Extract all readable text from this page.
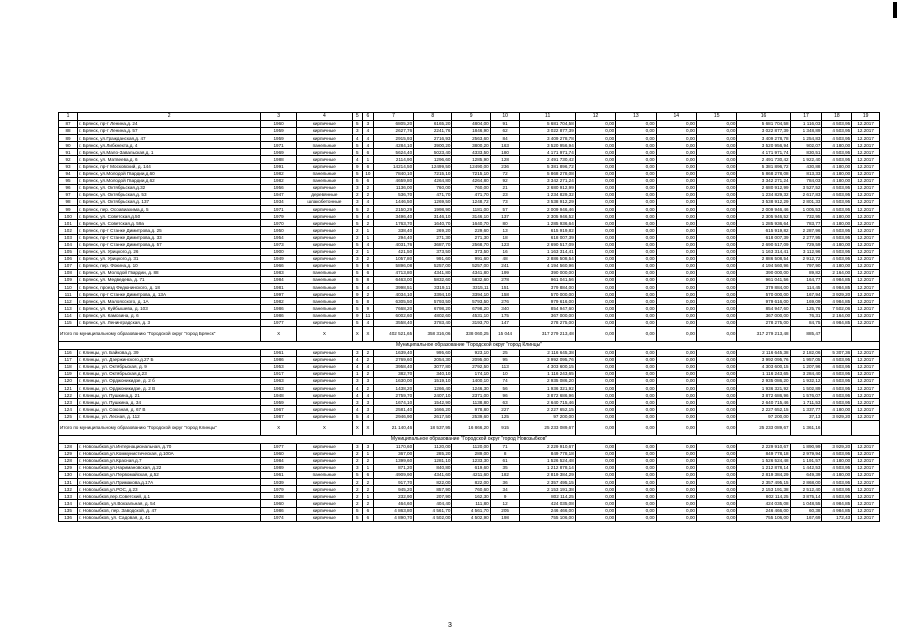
1	2	3	4	5	6	7	8	9	10	11	12	13	14	15	16	17	18	19
87	г. Брянск, пр-т Ленина,д. 24	1960	кирпичные	5	3	6805,20	6165,20	4804,00	91	5 681 704,58	0,00	0,00	0,00	0,00	5 681 704,58	1 116,03	4 503,95	12.2017
88	г. Брянск, пр-т Ленина,д. 57	1959	кирпичные	3	4	2627,76	2241,76	1846,90	62	3 022 877,39	0,00	0,00	0,00	0,00	3 022 877,39	1 348,89	4 503,95	12.2017
89	г. Брянск, ул.Гражданская,д. 47	1959	кирпичные	4	4	2915,93	2716,93	2563,60	84	3 409 278,78	0,00	0,00	0,00	0,00	3 409 278,78	1 254,83	4 503,95	12.2017
90	г. Брянск, ул.Либкнехта,д. 4	1971	панельные	5	4	4284,10	3900,20	3800,20	163	3 520 956,94	0,00	0,00	0,00	0,00	3 520 956,94	902,07	4 180,00	12.2017
91	г. Брянск, ул.Мало-Завальская,д. 1	1969	кирпичные	5	6	5624,40	5023,40	4333,50	180	4 171 971,74	0,00	0,00	0,00	0,00	4 171 971,74	830,51	4 503,95	12.2017
92	г. Брянск, ул. Матвеева,д. 6	1988	кирпичные	4	1	2114,90	1296,60	1285,90	128	2 491 730,42	0,00	0,00	0,00	0,00	2 491 730,42	1 922,40	4 503,95	12.2017
93	г. Брянск, пр-т Московский, д. 144	1991	кирпичные	9	6	14214,50	12499,50	12490,00	236	5 381 896,72	0,00	0,00	0,00	0,00	5 381 896,72	430,88	4 180,00	12.2017
94	г. Брянск, ул.Молодой Гвардии,д.60	1982	панельные	5	10	7840,10	7215,10	7215,10	72	5 868 278,08	0,00	0,00	0,00	0,00	5 868 278,08	813,33	4 180,00	12.2017
95	г. Брянск, ул.Молодой Гвардии,д.62	1982	панельные	5	6	4659,80	4264,80	4264,80	92	3 342 271,24	0,00	0,00	0,00	0,00	3 342 271,24	784,03	4 180,00	12.2017
96	г. Брянск, ул. Октябрьская,д.32	1956	кирпичные	3	2	1136,00	760,00	760,00	21	2 680 912,99	0,00	0,00	0,00	0,00	2 680 912,99	3 527,52	4 503,95	12.2017
97	г. Брянск, ул. Октябрьская,д. 53	1947	деревянные	2	2	536,70	471,70	471,70	23	1 234 829,32	0,00	0,00	0,00	0,00	1 234 829,32	2 617,83	4 503,95	12.2017
98	г. Брянск, ул. Октябрьская,д. 137	1934	шлакобетонные	3	4	1446,50	1269,50	1248,72	73	3 538 912,29	0,00	0,00	0,00	0,00	3 538 912,29	2 801,33	4 503,95	12.2017
99	г. Брянск, пер. Осоавиахима,д. 5	1971	кирпичные	5	2	2150,29	1998,90	1181,00	57	2 009 946,46	0,00	0,00	0,00	0,00	2 009 946,46	1 005,53	4 503,95	12.2017
100	г. Брянск, ул. Советская,д.50	1979	кирпичные	5	4	3496,40	3146,10	3146,10	137	2 305 946,52	0,00	0,00	0,00	0,00	2 305 946,52	732,95	4 180,00	12.2017
101	г. Брянск, ул. Советская,д. 59а	1970	кирпичные	5	2	1763,70	1640,70	1640,70	80	1 285 936,64	0,00	0,00	0,00	0,00	1 285 936,64	783,77	4 180,00	12.2017
102	г. Брянск, пр-т Станке Димитрова,д. 25	1950	кирпичные	2	1	338,40	269,20	229,60	13	615 919,82	0,00	0,00	0,00	0,00	615 919,82	2 287,96	4 503,95	12.2017
103	г. Брянск, пр-т Станке Димитрова,д. 33	1954	кирпичные	2	1	294,40	271,30	271,30	18	618 007,39	0,00	0,00	0,00	0,00	618 007,39	2 277,95	4 503,95	12.2017
104	г. Брянск, пр-т Станке Димитрова,д. 57	1973	кирпичные	5	4	4031,76	3687,70	2568,70	123	2 690 517,09	0,00	0,00	0,00	0,00	2 690 517,09	729,59	4 180,00	12.2017
105	г. Брянск, ул. Урицкого,д. 26	1900	кирпичные	2	1	421,50	373,50	373,50	16	1 163 314,41	0,00	0,00	0,00	0,00	1 163 314,41	3 112,96	4 503,95	12.2017
106	г. Брянск, ул. Урицкого,д. 31	1949	кирпичные	3	2	1057,80	991,60	991,60	48	2 886 508,54	0,00	0,00	0,00	0,00	2 886 508,54	2 912,72	4 503,95	12.2017
107	г. Брянск, пер. Фокина,д. 10	1966	кирпичные	5	6	5896,08	5257,00	5257,00	241	4 194 560,96	0,00	0,00	0,00	0,00	4 194 560,96	797,90	4 180,00	12.2017
108	г. Брянск, ул. Молодой Гвардии, д. 88	1983	панельные	5	6	4713,80	4341,80	4341,80	199	390 000,00	0,00	0,00	0,00	0,00	390 000,00	89,82	2 164,00	12.2017
109	г. Брянск, ул. Медведева, д. 71	1984	панельные	5	8	6463,00	5832,60	5832,60	278	961 041,56	0,00	0,00	0,00	0,00	961 041,56	164,77	4 984,85	12.2017
110	г. Брянск, проезд Федюнинского, д. 18	1981	панельные	5	4	3998,51	3319,11	3315,11	151	379 884,00	0,00	0,00	0,00	0,00	379 884,00	114,45	4 984,85	12.2017
111	г. Брянск, пр-т Станке Димитрова, д. 13А	1997	кирпичные	9	2	4034,10	3394,10	3394,10	158	570 000,00	0,00	0,00	0,00	0,00	570 000,00	167,94	3 929,20	12.2017
112	г. Брянск, ул. Малоясского, д. 1А	1982	панельные	5	8	6305,50	5793,50	5793,50	276	979 616,00	0,00	0,00	0,00	0,00	979 616,00	169,09	4 984,85	12.2017
113	г. Брянск, ул. Куйбышева, д. 103	1986	панельные	5	9	7668,20	6798,20	6798,20	340	854 947,60	0,00	0,00	0,00	0,00	854 947,60	125,76	7 502,06	12.2017
114	г. Брянск, ул. Камозина, д. 6	1986	панельные	9	11	6002,60	4802,60	4531,10	175	367 000,00	0,00	0,00	0,00	0,00	367 000,00	76,31	2 164,00	12.2017
115	г. Брянск, ул. Ленинградская, д. 3	1977	кирпичные	5	4	3558,40	3783,40	3193,70	147	278 275,00	0,00	0,00	0,00	0,00	278 275,00	84,75	4 984,85	12.2017
Итого по муниципальному образованию "Городской округ "город Брянск"		X	X	X	X	402 521,65	358 316,06	338 060,25	15 044	317 279 213,48	0,00	0,00	0,00	0,00	317 279 213,48	885,47		
Муниципальное образование "Городской округ "город Клинцы"																		
116	г. Клинцы, ул. Байкова,д. 39	1961	кирпичные	3	2	1639,40	995,60	923,10	25	2 116 645,38	0,00	0,00	0,00	0,00	2 116 645,38	2 182,06	5 307,36	12.2017
117	г. Клинцы, ул. Дзержинского,д.27 Б	1986	кирпичные	4	2	2769,60	2054,30	2095,00	95	3 992 095,76	0,00	0,00	0,00	0,00	3 992 095,76	1 957,05	4 503,95	12.2017
118	г. Клинцы, ул. Октябрьская, д. 9	1953	кирпичные	4	4	3958,40	3077,80	2792,50	113	4 303 600,15	0,00	0,00	0,00	0,00	4 303 600,15	1 207,96	4 503,95	12.2017
119	г. Клинцы, ул. Октябрьская,д.23	1917	кирпичные	1	2	382,70	340,10	174,10	10	1 116 243,65	0,00	0,00	0,00	0,00	1 116 243,65	3 284,40	4 503,95	12.2017
120	г. Клинцы, ул. Орджоникидзе, д. 2 б	1963	кирпичные	3	3	1630,00	1519,10	1400,10	74	2 935 086,20	0,00	0,00	0,00	0,00	2 935 086,20	1 932,12	4 503,95	12.2017
121	г. Клинцы, ул. Орджоникидзе, д. 2 В	1963	кирпичные	4	2	1438,20	1266,40	1246,30	56	1 936 321,92	0,00	0,00	0,00	0,00	1 936 321,92	1 502,89	4 503,95	12.2017
122	г. Клинцы, ул. Пушкина,д. 21	1948	кирпичные	4	4	2759,70	2407,10	2371,00	96	3 872 686,96	0,00	0,00	0,00	0,00	3 872 686,96	1 576,07	4 503,95	12.2017
123	г. Клинцы, ул. Пушкина, д. 34	1959	кирпичные	3	3	1674,10	1542,90	1138,80	63	2 640 715,46	0,00	0,00	0,00	0,00	2 640 715,46	1 711,53	4 503,95	12.2017
124	г. Клинцы, ул. Союзная, д. 67 В	1967	кирпичные	4	3	2581,40	1666,20	978,80	227	2 227 652,15	0,00	0,00	0,00	0,00	2 227 652,15	1 337,77	4 180,00	12.2017
125	г. Клинцы, ул. Лесная, д. 112	1987	кирпичные	5	4	2946,90	2617,50	2539,60	125	97 200,00	0,00	0,00	0,00	0,00	97 200,00	37,13	3 929,20	12.2017
Итого по муниципальному образованию "Городской округ "город Клинцы"		X	X	X	X	21 140,46	18 537,95	16 866,20	915	25 233 089,67	0,00	0,00	0,00	0,00	25 233 089,67	1 361,16		
Муниципальное образование "Городской округ "город Новозыбков"																		
128	г. Новозыбков,ул.Интернациональная, д.70	1977	кирпичные	3	3	1170,60	1120,00	1120,00	71	2 229 910,67	0,00	0,00	0,00	0,00	2 229 910,67	1 890,99	3 929,20	12.2017
129	г. Новозыбков,ул.Коммунистическая, д.100А	1960	кирпичные	2	1	367,00	285,20	289,00	8	849 778,18	0,00	0,00	0,00	0,00	849 778,18	2 979,94	4 503,95	12.2017
128	г. Новозыбков,ул.Красная,д.7	1984	кирпичные	2	2	1399,60	1281,10	1233,30	61	1 526 524,48	0,00	0,00	0,00	0,00	1 526 524,48	1 191,57	4 180,00	12.2017
129	г. Новозыбков,ул.Наримановская, д.22	1989	кирпичные	3	1	871,20	840,80	619,60	35	1 212 878,14	0,00	0,00	0,00	0,00	1 212 878,14	1 442,53	4 503,95	12.2017
130	г. Новозыбков,ул.Первомайская, д.52	1961	панельные	5	6	4909,90	4341,60	4211,60	182	2 819 384,29	0,00	0,00	0,00	0,00	2 819 384,29	649,39	4 180,00	12.2017
131	г. Новозыбков,ул.Примакова,д.17А	1939	кирпичные	2	2	917,70	822,00	822,00	36	2 357 495,15	0,00	0,00	0,00	0,00	2 357 495,15	2 868,00	4 503,95	12.2017
132	г. Новозыбков,ул.РОС, д.23	1979	кирпичные	2	2	945,20	857,90	760,60	34	2 153 191,38	0,00	0,00	0,00	0,00	2 153 191,38	2 512,40	4 503,95	12.2017
133	г. Новозыбков,пер.Советский, д.1	1928	кирпичные	2	1	232,90	207,90	162,30	9	802 114,25	0,00	0,00	0,00	0,00	802 114,25	3 875,14	4 503,95	12.2017
134	г. Новозыбков, ул.Вокзальная, д. 54	1960	кирпичные	2	2	464,60	404,40	111,80	12	424 035,08	0,00	0,00	0,00	0,00	424 035,08	1 048,55	4 984,85	12.2017
135	г. Новозыбков, пер. Заводской, д. 47	1986	кирпичные	5	6	4 863,80	4 561,70	4 561,70	205	246 466,00	0,00	0,00	0,00	0,00	246 466,00	60,38	4 984,85	12.2017
136	г. Новозыбков, ул. Садовая, д. 41	1974	кирпичные	5	6	4 890,70	4 502,00	4 502,90	198	755 106,00	0,00	0,00	0,00	0,00	755 106,00	167,69	172,43	12.2017
3
